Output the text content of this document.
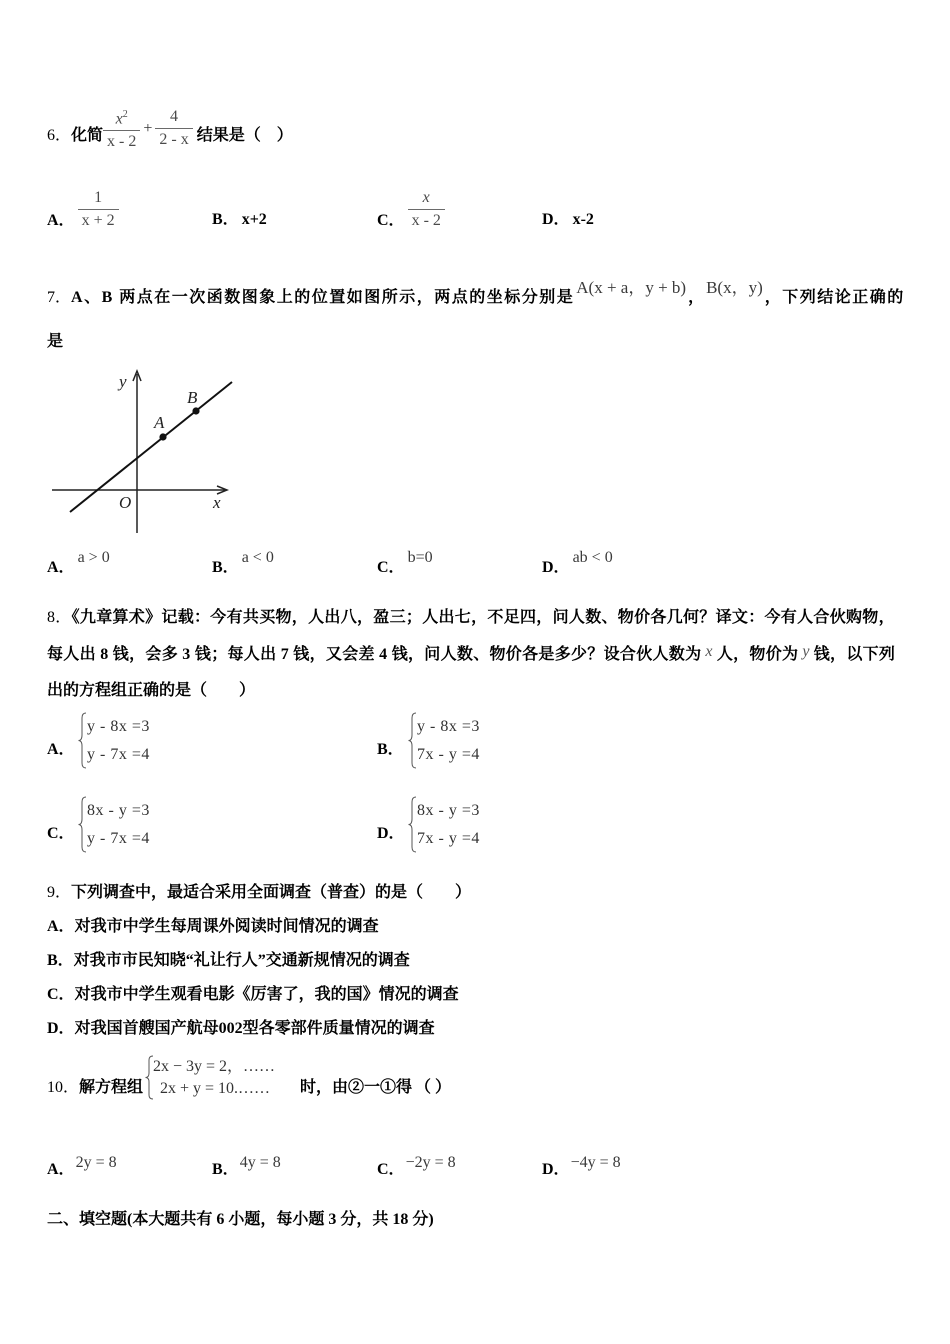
6． 化简 $\frac{x^2}{x - 2} + \frac{4}{2 - x}$ 结果是（　）
A． $\frac{1}{x + 2}$	B． x+2	C． $\frac{x}{x - 2}$	D． x-2
7．A、B 两点在一次函数图象上的位置如图所示，两点的坐标分别是A(x + a，y + b)，B(x，y)，下列结论正确的
是
y
x
O
A
B
A．a > 0
B．a < 0
C．b=0
D．ab < 0
8．《九章算术》记载：今有共买物，人出八，盈三；人出七，不足四，问人数、物价各几何？译文：今有人合伙购物，
每人出 8 钱，会多 3 钱；每人出 7 钱，又会差 4 钱，问人数、物价各是多少？设合伙人数为 x 人，物价为 y 钱，以下列
出的方程组正确的是（　　）
A．
y - 8x =3
y - 7x =4	B．
y - 8x =3
7x - y =4
C．
8x - y =3
y - 7x =4	D．
8x - y =3
7x - y =4
9．下列调查中，最适合采用全面调查（普查）的是（　　）
A．对我市中学生每周课外阅读时间情况的调查
B．对我市市民知晓“礼让行人”交通新规情况的调查
C．对我市中学生观看电影《厉害了，我的国》情况的调查
D．对我国首艘国产航母002型各零部件质量情况的调查
10．解方程组
2x − 3y = 2，……
2x + y = 10.…… 时，由②一①得 （ ）
A．2y = 8	B．4y = 8	C．−2y = 8	D．−4y = 8
二、填空题(本大题共有 6 小题，每小题 3 分，共 18 分)
